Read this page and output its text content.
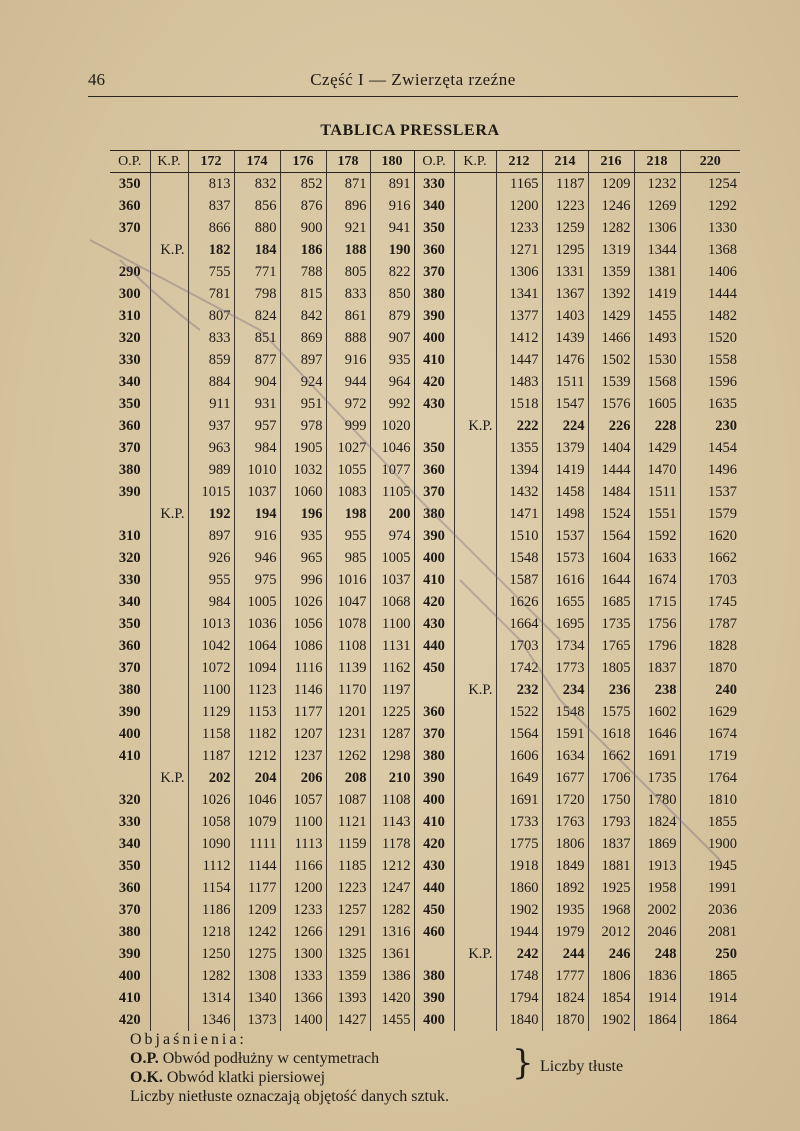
46	Część I — Zwierzęta rzeźne
TABLICA PRESSLERA
O.P.	K.P.	172	174	176	178	180	O.P.	K.P.	212	214	216	218	220
350		813	832	852	871	891	330		1165	1187	1209	1232	1254
360		837	856	876	896	916	340		1200	1223	1246	1269	1292
370		866	880	900	921	941	350		1233	1259	1282	1306	1330
	K.P.	182	184	186	188	190	360		1271	1295	1319	1344	1368
290		755	771	788	805	822	370		1306	1331	1359	1381	1406
300		781	798	815	833	850	380		1341	1367	1392	1419	1444
310		807	824	842	861	879	390		1377	1403	1429	1455	1482
320		833	851	869	888	907	400		1412	1439	1466	1493	1520
330		859	877	897	916	935	410		1447	1476	1502	1530	1558
340		884	904	924	944	964	420		1483	1511	1539	1568	1596
350		911	931	951	972	992	430		1518	1547	1576	1605	1635
360		937	957	978	999	1020		K.P.	222	224	226	228	230
370		963	984	1905	1027	1046	350		1355	1379	1404	1429	1454
380		989	1010	1032	1055	1077	360		1394	1419	1444	1470	1496
390		1015	1037	1060	1083	1105	370		1432	1458	1484	1511	1537
	K.P.	192	194	196	198	200	380		1471	1498	1524	1551	1579
310		897	916	935	955	974	390		1510	1537	1564	1592	1620
320		926	946	965	985	1005	400		1548	1573	1604	1633	1662
330		955	975	996	1016	1037	410		1587	1616	1644	1674	1703
340		984	1005	1026	1047	1068	420		1626	1655	1685	1715	1745
350		1013	1036	1056	1078	1100	430		1664	1695	1735	1756	1787
360		1042	1064	1086	1108	1131	440		1703	1734	1765	1796	1828
370		1072	1094	1116	1139	1162	450		1742	1773	1805	1837	1870
380		1100	1123	1146	1170	1197		K.P.	232	234	236	238	240
390		1129	1153	1177	1201	1225	360		1522	1548	1575	1602	1629
400		1158	1182	1207	1231	1287	370		1564	1591	1618	1646	1674
410		1187	1212	1237	1262	1298	380		1606	1634	1662	1691	1719
	K.P.	202	204	206	208	210	390		1649	1677	1706	1735	1764
320		1026	1046	1057	1087	1108	400		1691	1720	1750	1780	1810
330		1058	1079	1100	1121	1143	410		1733	1763	1793	1824	1855
340		1090	1111	1113	1159	1178	420		1775	1806	1837	1869	1900
350		1112	1144	1166	1185	1212	430		1918	1849	1881	1913	1945
360		1154	1177	1200	1223	1247	440		1860	1892	1925	1958	1991
370		1186	1209	1233	1257	1282	450		1902	1935	1968	2002	2036
380		1218	1242	1266	1291	1316	460		1944	1979	2012	2046	2081
390		1250	1275	1300	1325	1361		K.P.	242	244	246	248	250
400		1282	1308	1333	1359	1386	380		1748	1777	1806	1836	1865
410		1314	1340	1366	1393	1420	390		1794	1824	1854	1914	1914
420		1346	1373	1400	1427	1455	400		1840	1870	1902	1864	1864
Objaśnienia:
O.P. Obwód podłużny w centymetrach
O.K. Obwód klatki piersiowej
Liczby nietłuste oznaczają objętość danych sztuk.
} Liczby tłuste
